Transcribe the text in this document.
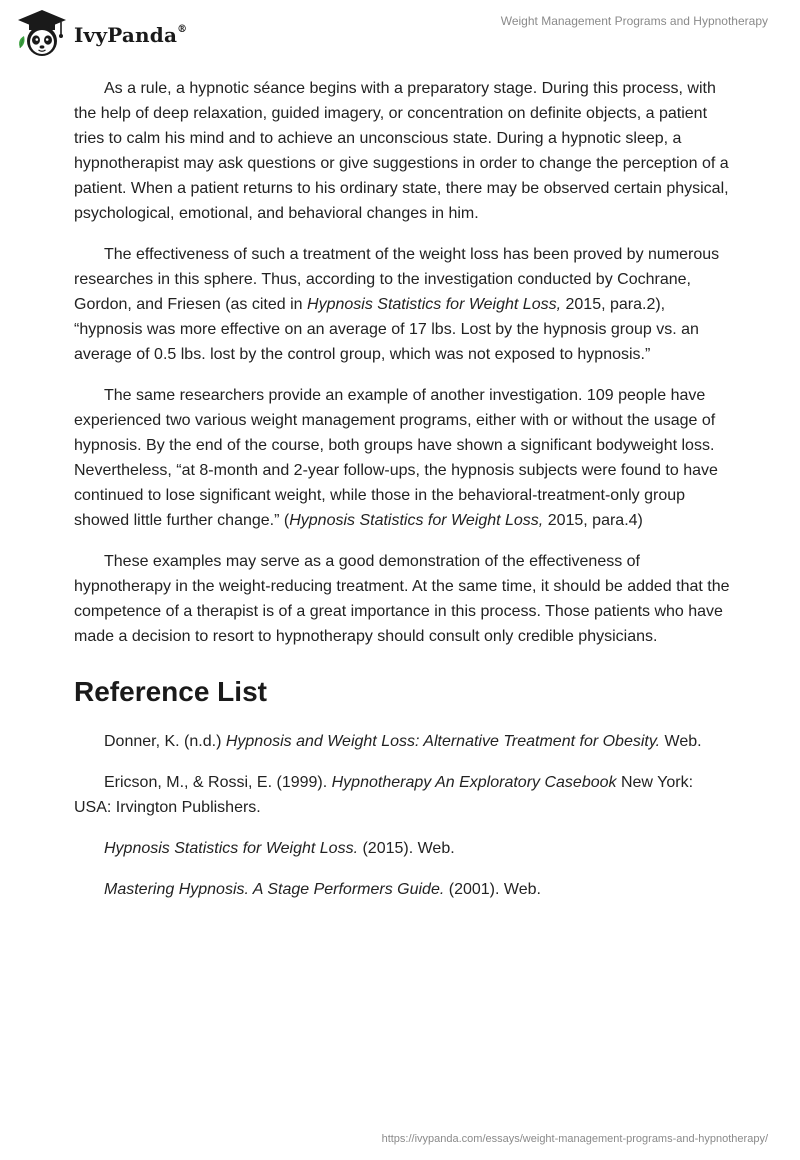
IvyPanda®
Weight Management Programs and Hypnotherapy

As a rule, a hypnotic séance begins with a preparatory stage. During this process, with the help of deep relaxation, guided imagery, or concentration on definite objects, a patient tries to calm his mind and to achieve an unconscious state. During a hypnotic sleep, a hypnotherapist may ask questions or give suggestions in order to change the perception of a patient. When a patient returns to his ordinary state, there may be observed certain physical, psychological, emotional, and behavioral changes in him.

The effectiveness of such a treatment of the weight loss has been proved by numerous researches in this sphere. Thus, according to the investigation conducted by Cochrane, Gordon, and Friesen (as cited in Hypnosis Statistics for Weight Loss, 2015, para.2), “hypnosis was more effective on an average of 17 lbs. Lost by the hypnosis group vs. an average of 0.5 lbs. lost by the control group, which was not exposed to hypnosis.”

The same researchers provide an example of another investigation. 109 people have experienced two various weight management programs, either with or without the usage of hypnosis. By the end of the course, both groups have shown a significant bodyweight loss. Nevertheless, “at 8-month and 2-year follow-ups, the hypnosis subjects were found to have continued to lose significant weight, while those in the behavioral-treatment-only group showed little further change.” (Hypnosis Statistics for Weight Loss, 2015, para.4)

These examples may serve as a good demonstration of the effectiveness of hypnotherapy in the weight-reducing treatment. At the same time, it should be added that the competence of a therapist is of a great importance in this process. Those patients who have made a decision to resort to hypnotherapy should consult only credible physicians.

Reference List

Donner, K. (n.d.) Hypnosis and Weight Loss: Alternative Treatment for Obesity. Web.

Ericson, M., & Rossi, E. (1999). Hypnotherapy An Exploratory Casebook New York: USA: Irvington Publishers.

Hypnosis Statistics for Weight Loss. (2015). Web.

Mastering Hypnosis. A Stage Performers Guide. (2001). Web.

https://ivypanda.com/essays/weight-management-programs-and-hypnotherapy/
